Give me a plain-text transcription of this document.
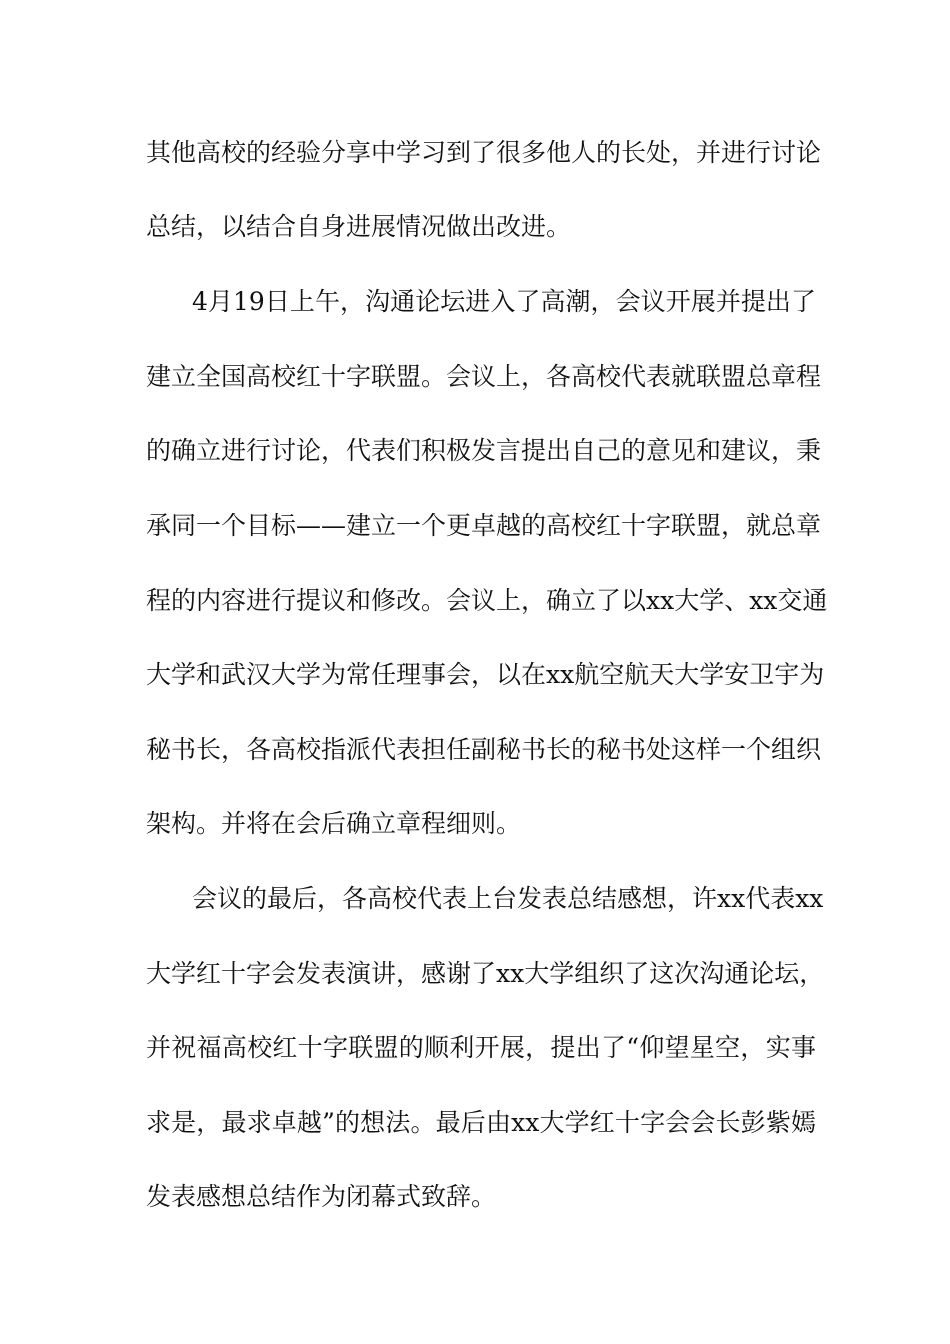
其他高校的经验分享中学习到了很多他人的长处，并进行讨论
总结，以结合自身进展情况做出改进。
4月19日上午，沟通论坛进入了高潮，会议开展并提出了
建立全国高校红十字联盟。会议上，各高校代表就联盟总章程
的确立进行讨论，代表们积极发言提出自己的意见和建议，秉
承同一个目标——建立一个更卓越的高校红十字联盟，就总章
程的内容进行提议和修改。会议上，确立了以xx大学、xx交通
大学和武汉大学为常任理事会，以在xx航空航天大学安卫宇为
秘书长，各高校指派代表担任副秘书长的秘书处这样一个组织
架构。并将在会后确立章程细则。
会议的最后，各高校代表上台发表总结感想，许xx代表xx
大学红十字会发表演讲，感谢了xx大学组织了这次沟通论坛，
并祝福高校红十字联盟的顺利开展，提出了“仰望星空，实事
求是，最求卓越”的想法。最后由xx大学红十字会会长彭紫嫣
发表感想总结作为闭幕式致辞。
